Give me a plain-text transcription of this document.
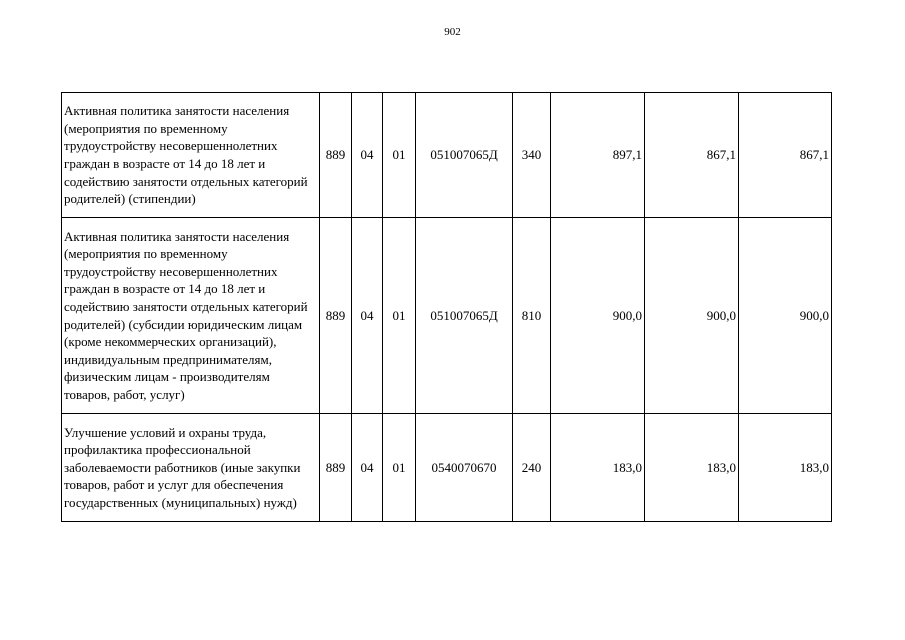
902
Активная политика занятости населения (мероприятия по временному трудоустройству несовершеннолетних граждан в возрасте от 14 до 18 лет и содействию занятости отдельных категорий родителей) (стипендии)	889	04	01	051007065Д	340	897,1	867,1	867,1
Активная политика занятости населения (мероприятия по временному трудоустройству несовершеннолетних граждан в возрасте от 14 до 18 лет и содействию занятости отдельных категорий родителей) (субсидии юридическим лицам (кроме некоммерческих организаций), индивидуальным предпринимателям, физическим лицам - производителям товаров, работ, услуг)	889	04	01	051007065Д	810	900,0	900,0	900,0
Улучшение условий и охраны труда, профилактика профессиональной заболеваемости работников (иные закупки товаров, работ и услуг для обеспечения государственных (муниципальных) нужд)	889	04	01	0540070670	240	183,0	183,0	183,0
